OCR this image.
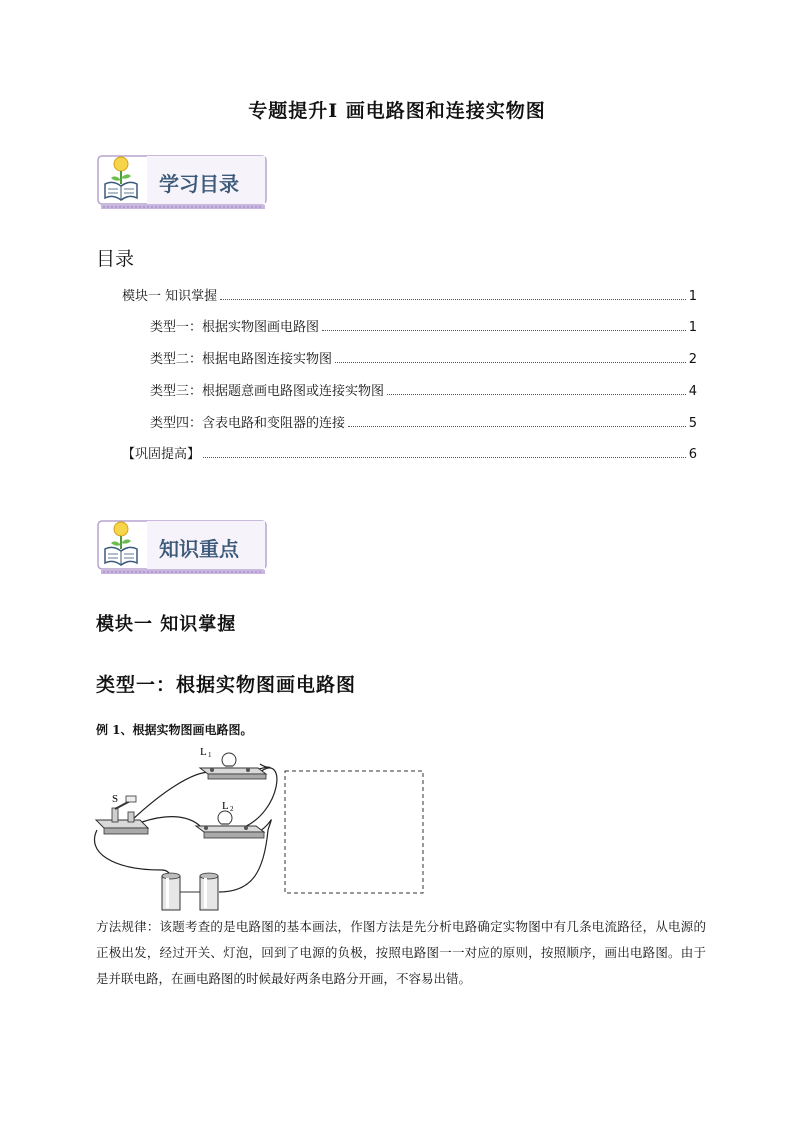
专题提升Ⅰ 画电路图和连接实物图
学习目录
目录
模块一 知识掌握	1
类型一：根据实物图画电路图	1
类型二：根据电路图连接实物图	2
类型三：根据题意画电路图或连接实物图	4
类型四：含表电路和变阻器的连接	5
【巩固提高】	6
知识重点
模块一 知识掌握
类型一：根据实物图画电路图
例 1、根据实物图画电路图。
L 1
L 2
S
方法规律：该题考查的是电路图的基本画法，作图方法是先分析电路确定实物图中有几条电流路径，从电源的正极出发，经过开关、灯泡，回到了电源的负极，按照电路图一一对应的原则，按照顺序，画出电路图。由于是并联电路，在画电路图的时候最好两条电路分开画，不容易出错。
